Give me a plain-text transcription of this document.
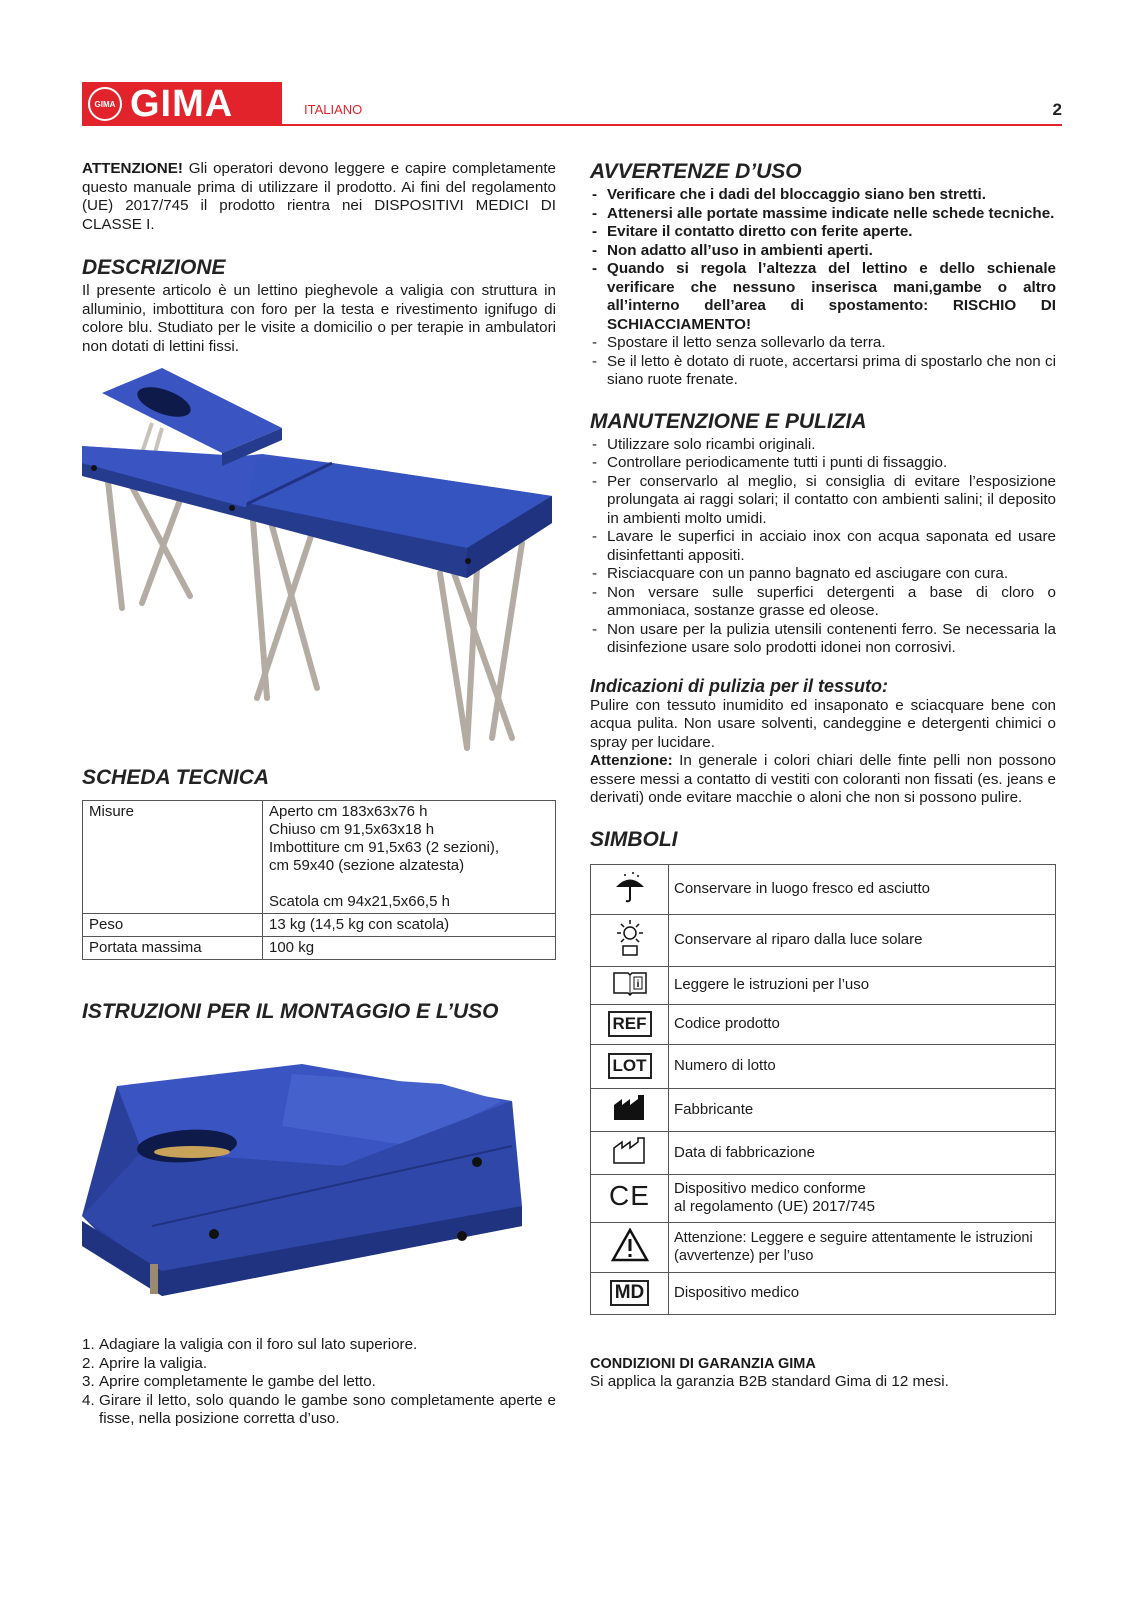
GIMA GIMA	ITALIANO	2

ATTENZIONE! Gli operatori devono leggere e capire completamente questo manuale prima di utilizzare il prodotto. Ai fini del regolamento (UE) 2017/745 il prodotto rientra nei DISPOSITIVI MEDICI DI CLASSE I.

DESCRIZIONE

Il presente articolo è un lettino pieghevole a valigia con struttura in alluminio, imbottitura con foro per la testa e rivestimento ignifugo di colore blu. Studiato per le visite a domicilio o per terapie in ambulatori non dotati di lettini fissi.

SCHEDA TECNICA
Misure	Aperto cm 183x63x76 h
Chiuso cm 91,5x63x18 h
Imbottiture cm 91,5x63 (2 sezioni),
cm 59x40 (sezione alzatesta)

Scatola cm 94x21,5x66,5 h
Peso	13 kg (14,5 kg con scatola)
Portata massima	100 kg
ISTRUZIONI PER IL MONTAGGIO E L’USO
1. Adagiare la valigia con il foro sul lato superiore.
2. Aprire la valigia.
3. Aprire completamente le gambe del letto.
4. Girare il letto, solo quando le gambe sono completamente aperte e fisse, nella posizione corretta d’uso.
AVVERTENZE D’USO
- Verificare che i dadi del bloccaggio siano ben stretti.
- Attenersi alle portate massime indicate nelle schede tecniche.
- Evitare il contatto diretto con ferite aperte.
- Non adatto all’uso in ambienti aperti.
- Quando si regola l’altezza del lettino e dello schienale verificare che nessuno inserisca mani,gambe o altro all’interno dell’area di spostamento: RISCHIO DI SCHIACCIAMENTO!
- Spostare il letto senza sollevarlo da terra.
- Se il letto è dotato di ruote, accertarsi prima di spostarlo che non ci siano ruote frenate.
MANUTENZIONE E PULIZIA
- Utilizzare solo ricambi originali.
- Controllare periodicamente tutti i punti di fissaggio.
- Per conservarlo al meglio, si consiglia di evitare l’esposizione prolungata ai raggi solari; il contatto con ambienti salini; il deposito in ambienti molto umidi.
- Lavare le superfici in acciaio inox con acqua saponata ed usare disinfettanti appositi.
- Risciacquare con un panno bagnato ed asciugare con cura.
- Non versare sulle superfici detergenti a base di cloro o ammoniaca, sostanze grasse ed oleose.
- Non usare per la pulizia utensili contenenti ferro. Se necessaria la disinfezione usare solo prodotti idonei non corrosivi.
Indicazioni di pulizia per il tessuto:

Pulire con tessuto inumidito ed insaponato e sciacquare bene con acqua pulita. Non usare solventi, candeggine e detergenti chimici o spray per lucidare.

Attenzione: In generale i colori chiari delle finte pelli non possono essere messi a contatto di vestiti con coloranti non fissati (es. jeans e derivati) onde evitare macchie o aloni che non si possono pulire.

SIMBOLI
	Conservare in luogo fresco ed asciutto
	Conservare al riparo dalla luce solare

i	Leggere le istruzioni per l’uso
REF	Codice prodotto
LOT	Numero di lotto
	Fabbricante
	Data di fabbricazione
CE	Dispositivo medico conforme
al regolamento (UE) 2017/745
	Attenzione: Leggere e seguire attentamente le istruzioni (avvertenze) per l’uso
MD	Dispositivo medico

CONDIZIONI DI GARANZIA GIMA

Si applica la garanzia B2B standard Gima di 12 mesi.
